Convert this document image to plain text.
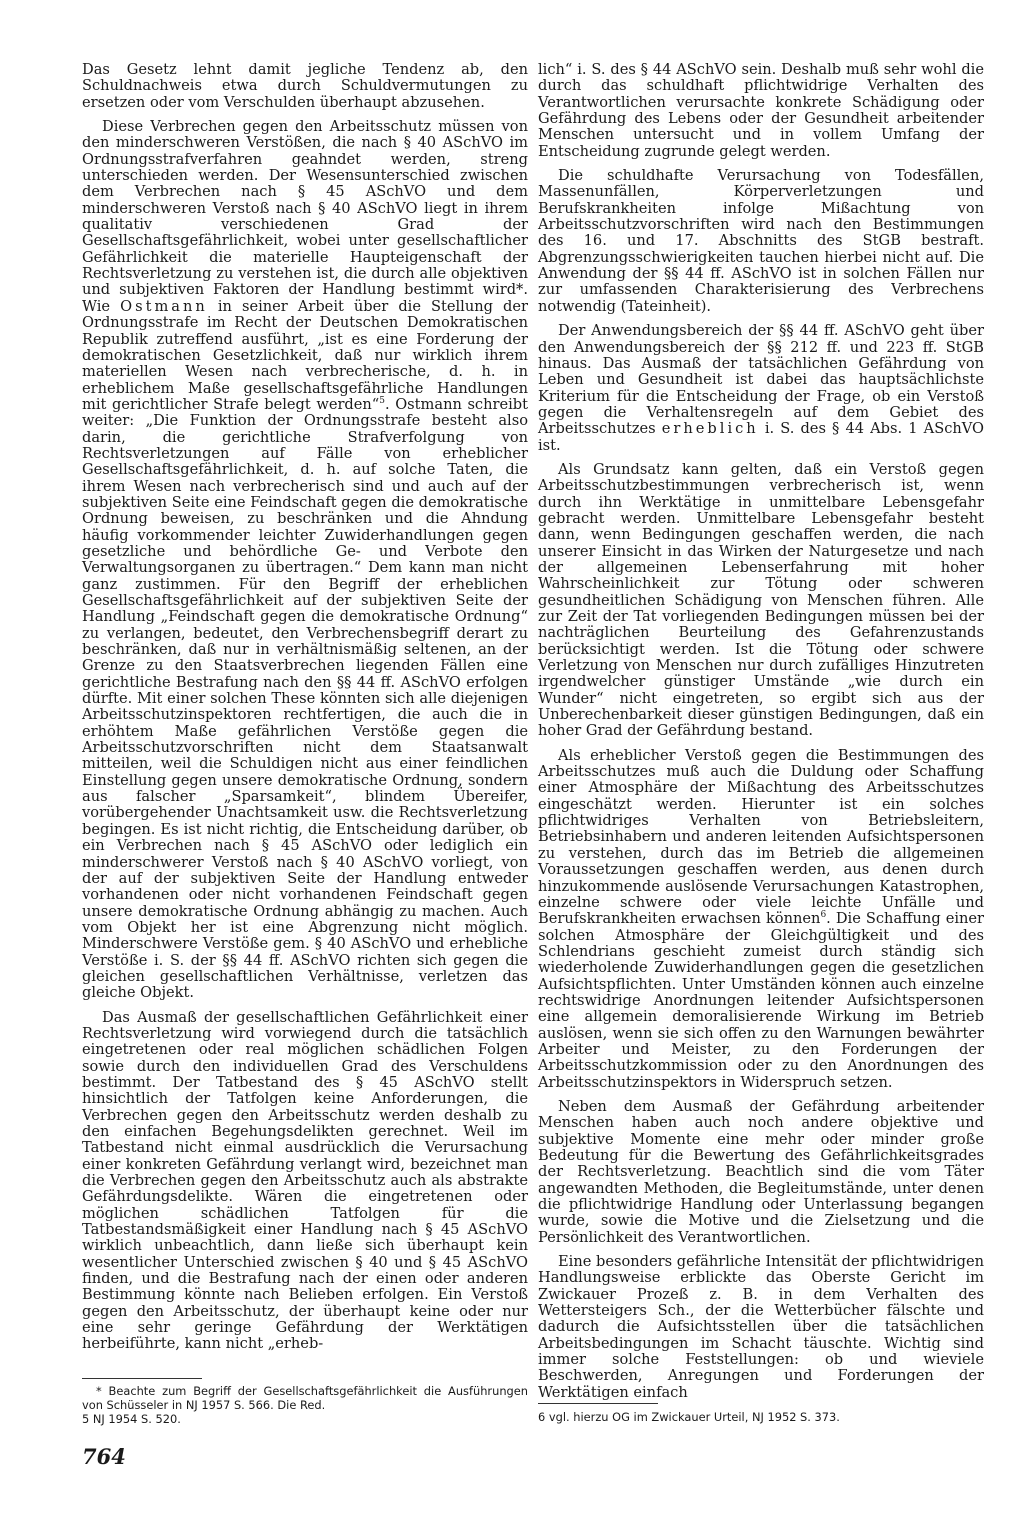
Das Gesetz lehnt damit jegliche Tendenz ab, den Schuldnachweis etwa durch Schuldvermutungen zu ersetzen oder vom Verschulden überhaupt abzusehen.

Diese Verbrechen gegen den Arbeitsschutz müssen von den minderschweren Verstößen, die nach § 40 ASchVO im Ordnungsstrafverfahren geahndet werden, streng unterschieden werden. Der Wesensunterschied zwischen dem Verbrechen nach § 45 ASchVO und dem minderschweren Verstoß nach § 40 ASchVO liegt in ihrem qualitativ verschiedenen Grad der Gesellschaftsgefährlichkeit, wobei unter gesellschaftlicher Gefährlichkeit die materielle Haupteigenschaft der Rechtsverletzung zu verstehen ist, die durch alle objektiven und subjektiven Faktoren der Handlung bestimmt wird*. Wie Ostmann in seiner Arbeit über die Stellung der Ordnungsstrafe im Recht der Deutschen Demokratischen Republik zutreffend ausführt, „ist es eine Forderung der demokratischen Gesetzlichkeit, daß nur wirklich ihrem materiellen Wesen nach verbrecherische, d. h. in erheblichem Maße gesellschaftsgefährliche Handlungen mit gerichtlicher Strafe belegt werden“$^5$. Ostmann schreibt weiter: „Die Funktion der Ordnungsstrafe besteht also darin, die gerichtliche Strafverfolgung von Rechtsverletzungen auf Fälle von erheblicher Gesellschaftsgefährlichkeit, d. h. auf solche Taten, die ihrem Wesen nach verbrecherisch sind und auch auf der subjektiven Seite eine Feindschaft gegen die demokratische Ordnung beweisen, zu beschränken und die Ahndung häufig vorkommender leichter Zuwiderhandlungen gegen gesetzliche und behördliche Ge- und Verbote den Verwaltungsorganen zu übertragen.“ Dem kann man nicht ganz zustimmen. Für den Begriff der erheblichen Gesellschaftsgefährlichkeit auf der subjektiven Seite der Handlung „Feindschaft gegen die demokratische Ordnung“ zu verlangen, bedeutet, den Verbrechensbegriff derart zu beschränken, daß nur in verhältnismäßig seltenen, an der Grenze zu den Staatsverbrechen liegenden Fällen eine gerichtliche Bestrafung nach den §§ 44 ff. ASchVO erfolgen dürfte. Mit einer solchen These könnten sich alle diejenigen Arbeitsschutzinspektoren rechtfertigen, die auch die in erhöhtem Maße gefährlichen Verstöße gegen die Arbeitsschutzvorschriften nicht dem Staatsanwalt mitteilen, weil die Schuldigen nicht aus einer feindlichen Einstellung gegen unsere demokratische Ordnung, sondern aus falscher „Sparsamkeit“, blindem Übereifer, vorübergehender Unachtsamkeit usw. die Rechtsverletzung begingen. Es ist nicht richtig, die Entscheidung darüber, ob ein Verbrechen nach § 45 ASchVO oder lediglich ein minderschwerer Verstoß nach § 40 ASchVO vorliegt, von der auf der subjektiven Seite der Handlung entweder vorhandenen oder nicht vorhandenen Feindschaft gegen unsere demokratische Ordnung abhängig zu machen. Auch vom Objekt her ist eine Abgrenzung nicht möglich. Minderschwere Verstöße gem. § 40 ASchVO und erhebliche Verstöße i. S. der §§ 44 ff. ASchVO richten sich gegen die gleichen gesellschaftlichen Verhältnisse, verletzen das gleiche Objekt.

Das Ausmaß der gesellschaftlichen Gefährlichkeit einer Rechtsverletzung wird vorwiegend durch die tatsächlich eingetretenen oder real möglichen schädlichen Folgen sowie durch den individuellen Grad des Verschuldens bestimmt. Der Tatbestand des § 45 ASchVO stellt hinsichtlich der Tatfolgen keine Anforderungen, die Verbrechen gegen den Arbeitsschutz werden deshalb zu den einfachen Begehungsdelikten gerechnet. Weil im Tatbestand nicht einmal ausdrücklich die Verursachung einer konkreten Gefährdung verlangt wird, bezeichnet man die Verbrechen gegen den Arbeitsschutz auch als abstrakte Gefährdungsdelikte. Wären die eingetretenen oder möglichen schädlichen Tatfolgen für die Tatbestandsmäßigkeit einer Handlung nach § 45 ASchVO wirklich unbeachtlich, dann ließe sich überhaupt kein wesentlicher Unterschied zwischen § 40 und § 45 ASchVO finden, und die Bestrafung nach der einen oder anderen Bestimmung könnte nach Belieben erfolgen. Ein Verstoß gegen den Arbeitsschutz, der überhaupt keine oder nur eine sehr geringe Gefährdung der Werktätigen herbeiführte, kann nicht „erheb-

lich“ i. S. des § 44 ASchVO sein. Deshalb muß sehr wohl die durch das schuldhaft pflichtwidrige Verhalten des Verantwortlichen verursachte konkrete Schädigung oder Gefährdung des Lebens oder der Gesundheit arbeitender Menschen untersucht und in vollem Umfang der Entscheidung zugrunde gelegt werden.

Die schuldhafte Verursachung von Todesfällen, Massenunfällen, Körperverletzungen und Berufskrankheiten infolge Mißachtung von Arbeitsschutzvorschriften wird nach den Bestimmungen des 16. und 17. Abschnitts des StGB bestraft. Abgrenzungsschwierigkeiten tauchen hierbei nicht auf. Die Anwendung der §§ 44 ff. ASchVO ist in solchen Fällen nur zur umfassenden Charakterisierung des Verbrechens notwendig (Tateinheit).

Der Anwendungsbereich der §§ 44 ff. ASchVO geht über den Anwendungsbereich der §§ 212 ff. und 223 ff. StGB hinaus. Das Ausmaß der tatsächlichen Gefährdung von Leben und Gesundheit ist dabei das hauptsächlichste Kriterium für die Entscheidung der Frage, ob ein Verstoß gegen die Verhaltensregeln auf dem Gebiet des Arbeitsschutzes erheblich i. S. des § 44 Abs. 1 ASchVO ist.

Als Grundsatz kann gelten, daß ein Verstoß gegen Arbeitsschutzbestimmungen verbrecherisch ist, wenn durch ihn Werktätige in unmittelbare Lebensgefahr gebracht werden. Unmittelbare Lebensgefahr besteht dann, wenn Bedingungen geschaffen werden, die nach unserer Einsicht in das Wirken der Naturgesetze und nach der allgemeinen Lebenserfahrung mit hoher Wahrscheinlichkeit zur Tötung oder schweren gesundheitlichen Schädigung von Menschen führen. Alle zur Zeit der Tat vorliegenden Bedingungen müssen bei der nachträglichen Beurteilung des Gefahrenzustands berücksichtigt werden. Ist die Tötung oder schwere Verletzung von Menschen nur durch zufälliges Hinzutreten irgendwelcher günstiger Umstände „wie durch ein Wunder“ nicht eingetreten, so ergibt sich aus der Unberechenbarkeit dieser günstigen Bedingungen, daß ein hoher Grad der Gefährdung bestand.

Als erheblicher Verstoß gegen die Bestimmungen des Arbeitsschutzes muß auch die Duldung oder Schaffung einer Atmosphäre der Mißachtung des Arbeitsschutzes eingeschätzt werden. Hierunter ist ein solches pflichtwidriges Verhalten von Betriebsleitern, Betriebsinhabern und anderen leitenden Aufsichtspersonen zu verstehen, durch das im Betrieb die allgemeinen Voraussetzungen geschaffen werden, aus denen durch hinzukommende auslösende Verursachungen Katastrophen, einzelne schwere oder viele leichte Unfälle und Berufskrankheiten erwachsen können$^6$. Die Schaffung einer solchen Atmosphäre der Gleichgültigkeit und des Schlendrians geschieht zumeist durch ständig sich wiederholende Zuwiderhandlungen gegen die gesetzlichen Aufsichtspflichten. Unter Umständen können auch einzelne rechtswidrige Anordnungen leitender Aufsichtspersonen eine allgemein demoralisierende Wirkung im Betrieb auslösen, wenn sie sich offen zu den Warnungen bewährter Arbeiter und Meister, zu den Forderungen der Arbeitsschutzkommission oder zu den Anordnungen des Arbeitsschutzinspektors in Widerspruch setzen.

Neben dem Ausmaß der Gefährdung arbeitender Menschen haben auch noch andere objektive und subjektive Momente eine mehr oder minder große Bedeutung für die Bewertung des Gefährlichkeitsgrades der Rechtsverletzung. Beachtlich sind die vom Täter angewandten Methoden, die Begleitumstände, unter denen die pflichtwidrige Handlung oder Unterlassung begangen wurde, sowie die Motive und die Zielsetzung und die Persönlichkeit des Verantwortlichen.

Eine besonders gefährliche Intensität der pflichtwidrigen Handlungsweise erblickte das Oberste Gericht im Zwickauer Prozeß z. B. in dem Verhalten des Wettersteigers Sch., der die Wetterbücher fälschte und dadurch die Aufsichtsstellen über die tatsächlichen Arbeitsbedingungen im Schacht täuschte. Wichtig sind immer solche Feststellungen: ob und wieviele Beschwerden, Anregungen und Forderungen der Werktätigen einfach

* Beachte zum Begriff der Gesellschaftsgefährlichkeit die Ausführungen von Schüsseler in NJ 1957 S. 566. Die Red.

5 NJ 1954 S. 520.	6 vgl. hierzu OG im Zwickauer Urteil, NJ 1952 S. 373.

764
